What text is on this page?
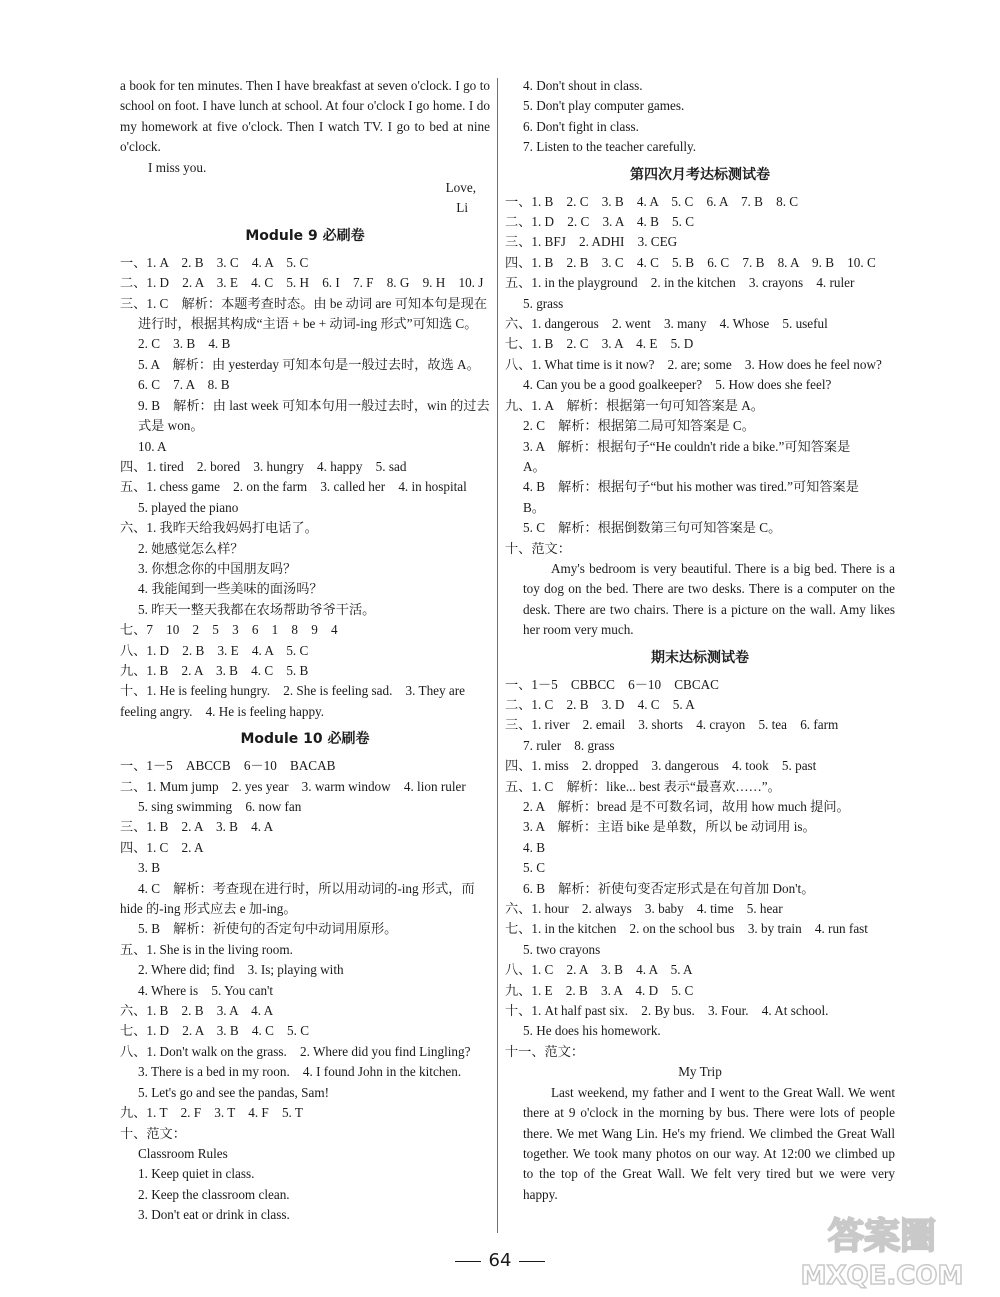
a book for ten minutes. Then I have breakfast at seven o'clock. I go to school on foot. I have lunch at school. At four o'clock I go home. I do my homework at five o'clock. Then I watch TV. I go to bed at nine o'clock.
I miss you.
Love,
Li
Module 9 必刷卷
一、1. A　2. B　3. C　4. A　5. C
二、1. D　2. A　3. E　4. C　5. H　6. I　7. F　8. G　9. H　10. J
三、1. C　解析：本题考查时态。由 be 动词 are 可知本句是现在
进行时，根据其构成“主语 + be + 动词-ing 形式”可知选 C。
2. C　3. B　4. B
5. A　解析：由 yesterday 可知本句是一般过去时，故选 A。
6. C　7. A　8. B
9. B　解析：由 last week 可知本句用一般过去时，win 的过去
式是 won。
10. A
四、1. tired　2. bored　3. hungry　4. happy　5. sad
五、1. chess game　2. on the farm　3. called her　4. in hospital
5. played the piano
六、1. 我昨天给我妈妈打电话了。
2. 她感觉怎么样？
3. 你想念你的中国朋友吗？
4. 我能闻到一些美味的面汤吗？
5. 昨天一整天我都在农场帮助爷爷干活。
七、7　10　2　5　3　6　1　8　9　4
八、1. D　2. B　3. E　4. A　5. C
九、1. B　2. A　3. B　4. C　5. B
十、1. He is feeling hungry.　2. She is feeling sad.　3. They are
feeling angry.　4. He is feeling happy.
Module 10 必刷卷
一、1－5　ABCCB　6－10　BACAB
二、1. Mum jump　2. yes year　3. warm window　4. lion ruler
5. sing swimming　6. now fan
三、1. B　2. A　3. B　4. A
四、1. C　2. A
3. B
4. C　解析：考查现在进行时，所以用动词的-ing 形式，而
hide 的-ing 形式应去 e 加-ing。
5. B　解析：祈使句的否定句中动词用原形。
五、1. She is in the living room.
2. Where did; find　3. Is; playing with
4. Where is　5. You can't
六、1. B　2. B　3. A　4. A
七、1. D　2. A　3. B　4. C　5. C
八、1. Don't walk on the grass.　2. Where did you find Lingling?
3. There is a bed in my roon.　4. I found John in the kitchen.
5. Let's go and see the pandas, Sam!
九、1. T　2. F　3. T　4. F　5. T
十、范文：
Classroom Rules
1. Keep quiet in class.
2. Keep the classroom clean.
3. Don't eat or drink in class.
4. Don't shout in class.
5. Don't play computer games.
6. Don't fight in class.
7. Listen to the teacher carefully.
第四次月考达标测试卷
一、1. B　2. C　3. B　4. A　5. C　6. A　7. B　8. C
二、1. D　2. C　3. A　4. B　5. C
三、1. BFJ　2. ADHI　3. CEG
四、1. B　2. B　3. C　4. C　5. B　6. C　7. B　8. A　9. B　10. C
五、1. in the playground　2. in the kitchen　3. crayons　4. ruler
5. grass
六、1. dangerous　2. went　3. many　4. Whose　5. useful
七、1. B　2. C　3. A　4. E　5. D
八、1. What time is it now?　2. are; some　3. How does he feel now?
4. Can you be a good goalkeeper?　5. How does she feel?
九、1. A　解析：根据第一句可知答案是 A。
2. C　解析：根据第二局可知答案是 C。
3. A　解析：根据句子“He couldn't ride a bike.”可知答案是
A。
4. B　解析：根据句子“but his mother was tired.”可知答案是
B。
5. C　解析：根据倒数第三句可知答案是 C。
十、范文：
Amy's bedroom is very beautiful. There is a big bed. There is a toy dog on the bed. There are two desks. There is a computer on the desk. There are two chairs. There is a picture on the wall. Amy likes her room very much.
期末达标测试卷
一、1－5　CBBCC　6－10　CBCAC
二、1. C　2. B　3. D　4. C　5. A
三、1. river　2. email　3. shorts　4. crayon　5. tea　6. farm
7. ruler　8. grass
四、1. miss　2. dropped　3. dangerous　4. took　5. past
五、1. C　解析：like... best 表示“最喜欢……”。
2. A　解析：bread 是不可数名词，故用 how much 提问。
3. A　解析：主语 bike 是单数，所以 be 动词用 is。
4. B
5. C
6. B　解析：祈使句变否定形式是在句首加 Don't。
六、1. hour　2. always　3. baby　4. time　5. hear
七、1. in the kitchen　2. on the school bus　3. by train　4. run fast
5. two crayons
八、1. C　2. A　3. B　4. A　5. A
九、1. E　2. B　3. A　4. D　5. C
十、1. At half past six.　2. By bus.　3. Four.　4. At school.
5. He does his homework.
十一、范文：
My Trip
Last weekend, my father and I went to the Great Wall. We went there at 9 o'clock in the morning by bus. There were lots of people there. We met Wang Lin. He's my friend. We climbed the Great Wall together. We took many photos on our way. At 12:00 we climbed up to the top of the Great Wall. We felt very tired but we were very happy.
64
答案圈
MXQE.COM
